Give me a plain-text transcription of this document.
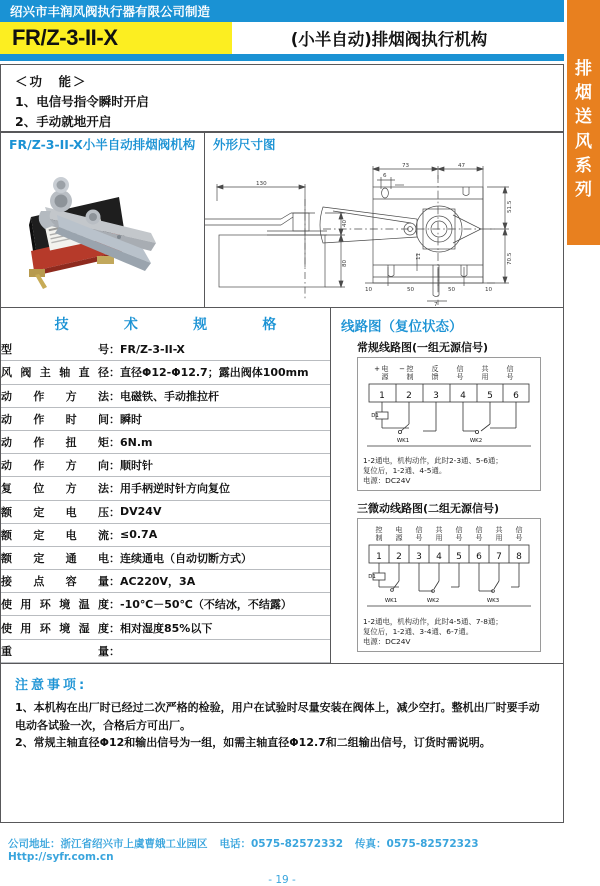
排
烟
送
风
系
列
绍兴市丰润风阀执行器有限公司制造
FR/Z-3-II-X	(小半自动)排烟阀执行机构
＜功　能＞
1、电信号指令瞬时开启
2、手动就地开启
FR/Z-3-II-X小半自动排烟阀机构 外形尺寸图
130
40
80
73	47
51.5
70.5
10	50	50	10
11
7
6
技	术	规	格
型号	：	FR/Z-3-II-X
风阀主轴直径	：	直径Φ12-Φ12.7；露出阀体100mm
动作方法	：	电磁铁、手动推拉杆
动作时间	：	瞬时
动作扭矩	：	6N.m
动作方向	：	顺时针
复位方法	：	用手柄逆时针方向复位
额定电压	：	DV24V
额定电流	：	≤0.7A
额定通电	：	连续通电（自动切断方式）
接点容量	：	AC220V，3A
使用环境温度	：	-10℃－50℃（不结冰，不结露）
使用环境湿度	：	相对湿度85%以下
重量	：	
线路图（复位状态）
常规线路图(一组无源信号)
+ 电
源
− 控
制
反
馈
信
号
共
用
信
号
1 2 3 4 5 6
D1
WK1	WK2
1-2通电，机构动作，此时2-3通、5-6通；
复位后，1-2通、4-5通。
电源：DC24V
三微动线路图(二组无源信号)
控
制
电
源
信
号
共
用
信
号
信
号
共
用
信
号
1 2 3 4 5 6 7 8
D1
WK1	WK2	WK3
1-2通电，机构动作，此时4-5通、7-8通；
复位后，1-2通、3-4通、6-7通。
电源：DC24V
注意事项:

1、本机构在出厂时已经过二次严格的检验，用户在试验时尽量安装在阀体上，减少空打。整机出厂时要手动电动各试验一次，合格后方可出厂。

2、常规主轴直径Φ12和输出信号为一组，如需主轴直径Φ12.7和二组输出信号，订货时需说明。

公司地址：浙江省绍兴市上虞曹娥工业园区 电话：0575-82572332 传真：0575-82572323Http://syfr.com.cn
- 19 -
